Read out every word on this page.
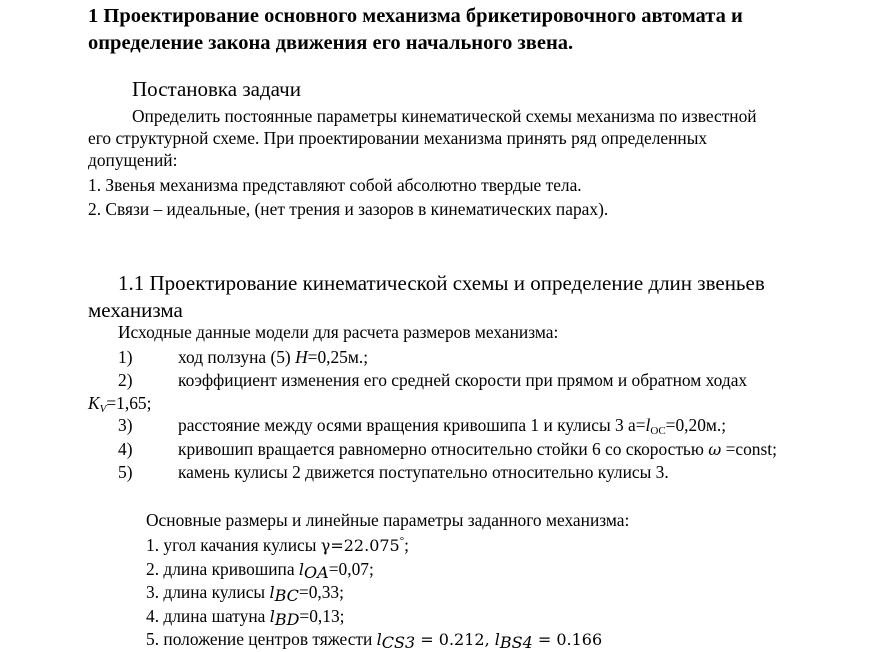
1 Проектирование основного механизма брикетировочного автомата и
определение закона движения его начального звена.
Постановка задачи
Определить постоянные параметры кинематической схемы механизма по известной
его структурной схеме. При проектировании механизма принять ряд определенных
допущений:
1. Звенья механизма представляют собой абсолютно твердые тела.
2. Связи – идеальные, (нет трения и зазоров в кинематических парах).
1.1 Проектирование кинематической схемы и определение длин звеньев
механизма
Исходные данные модели для расчета размеров механизма:
1)	ход ползуна (5) H=0,25м.;
2)	коэффициент изменения его средней скорости при прямом и обратном ходах
$K_V=1,65$;
3)	расстояние между осями вращения кривошипа 1 и кулисы 3 $a=l_{OC}=0,20м$.;
4)	кривошип вращается равномерно относительно стойки 6 со скоростью ω =const;
5)	камень кулисы 2 движется поступательно относительно кулисы 3.
Основные размеры и линейные параметры заданного механизма:
1. угол качания кулисы γ=22.075°;
2. длина кривошипа $l_{OA}=0,07$;
3. длина кулисы $l_{BC}=0,33$;
4. длина шатуна $l_{BD}=0,13$;
5. положение центров тяжести $l_{CS3} = 0.212$, $l_{BS4} = 0.166$
